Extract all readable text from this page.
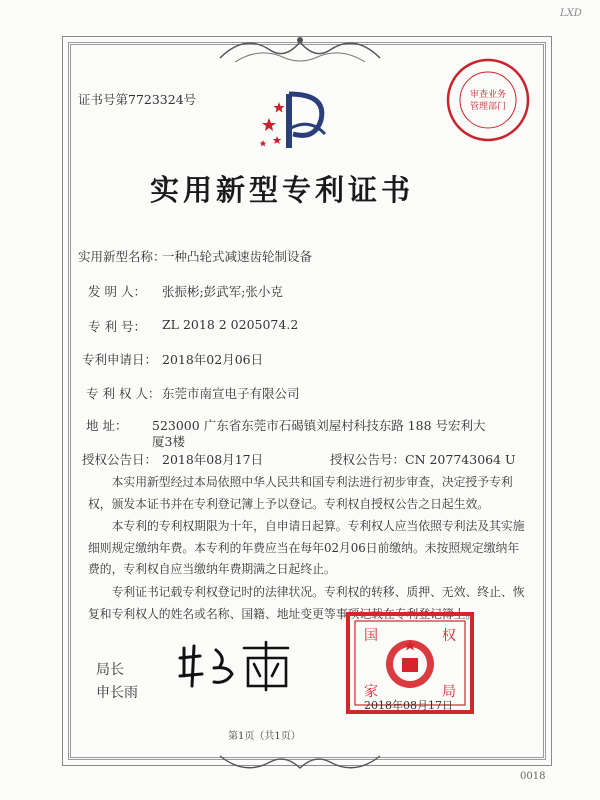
LXD
证书号第7723324号	审查业务
管理部门
实用新型专利证书
实用新型名称：
一种凸轮式减速齿轮制设备
发 明 人： 张振彬;彭武军;张小克
专 利 号： ZL 2018 2 0205074.2
专利申请日： 2018年02月06日
专 利 权 人： 东莞市南宣电子有限公司
地 址： 523000 广东省东莞市石碣镇刘屋村科技东路 188 号宏利大
厦3楼
授权公告日： 2018年08月17日	授权公告号：CN 207743064 U
本实用新型经过本局依照中华人民共和国专利法进行初步审查，决定授予专利权，颁发本证书并在专利登记簿上予以登记。专利权自授权公告之日起生效。
本专利的专利权期限为十年，自申请日起算。专利权人应当依照专利法及其实施细则规定缴纳年费。本专利的年费应当在每年02月06日前缴纳。未按照规定缴纳年费的，专利权自应当缴纳年费期满之日起终止。
专利证书记载专利权登记时的法律状况。专利权的转移、质押、无效、终止、恢复和专利权人的姓名或名称、国籍、地址变更等事项记载在专利登记簿上。
局长
申长雨
国
家
权
局
2018年08月17日
第1页（共1页）
0018
